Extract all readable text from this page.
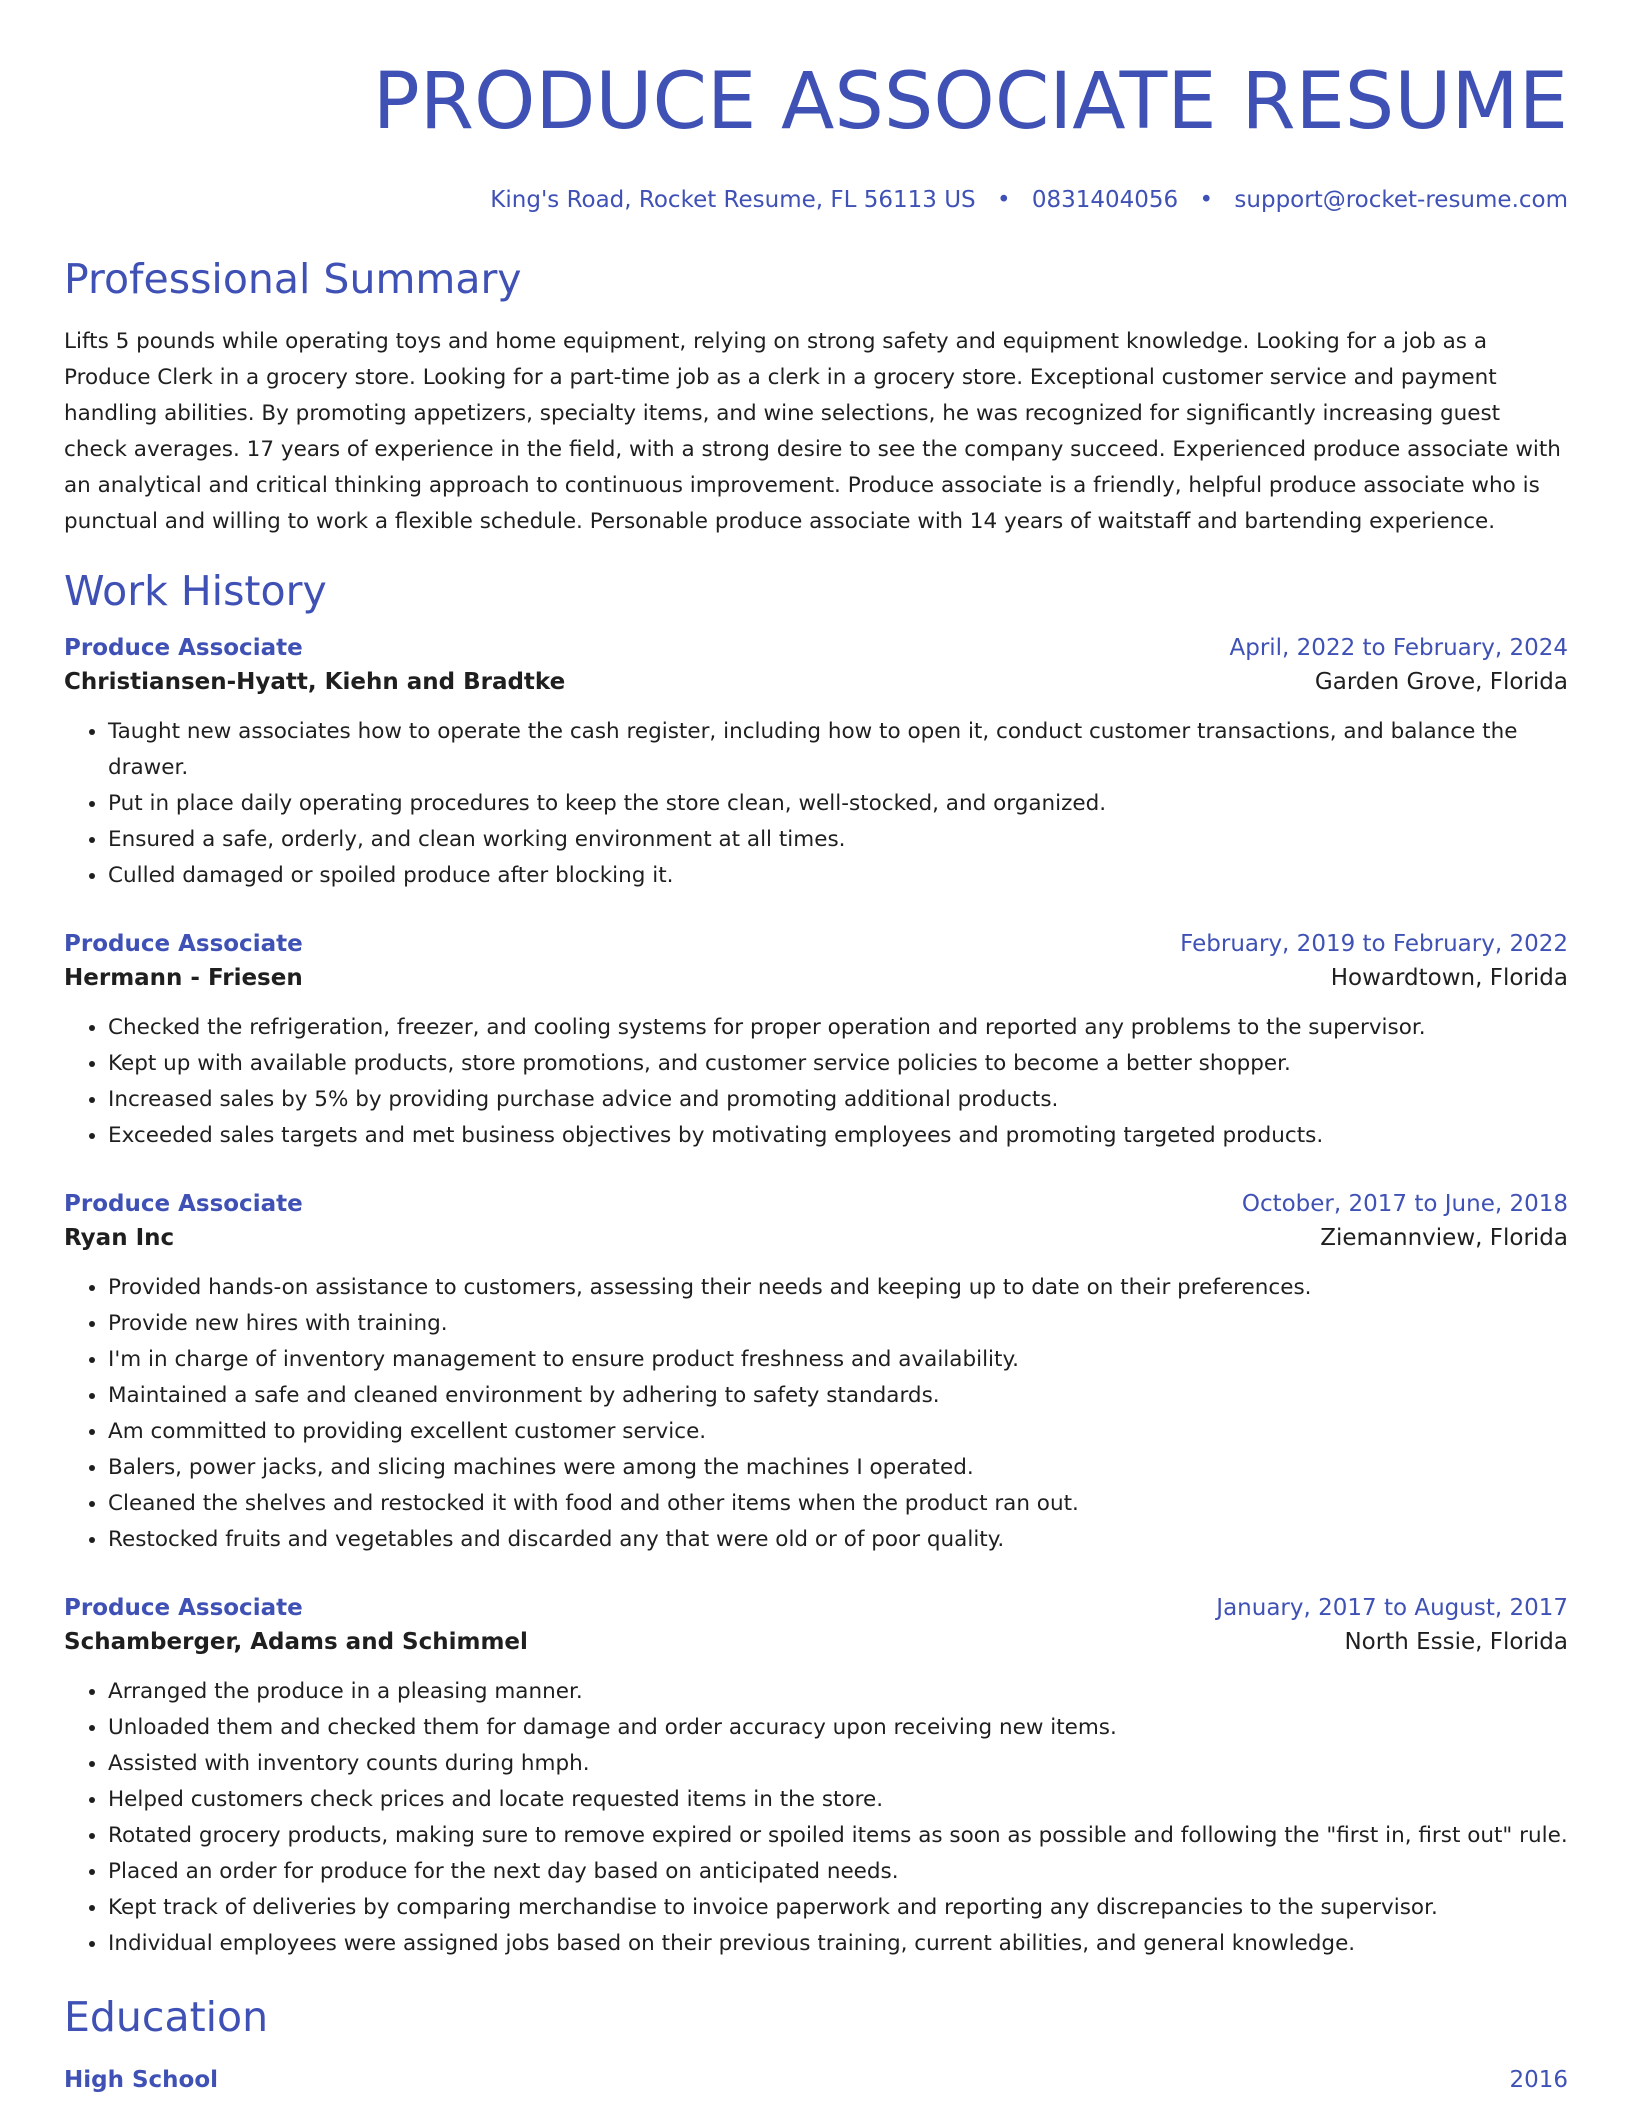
PRODUCE ASSOCIATE RESUME
King's Road, Rocket Resume, FL 56113 US • 0831404056 • support@rocket-resume.com
Professional Summary

Lifts 5 pounds while operating toys and home equipment, relying on strong safety and equipment knowledge. Looking for a job as a Produce Clerk in a grocery store. Looking for a part-time job as a clerk in a grocery store. Exceptional customer service and payment handling abilities. By promoting appetizers, specialty items, and wine selections, he was recognized for significantly increasing guest check averages. 17 years of experience in the field, with a strong desire to see the company succeed. Experienced produce associate with an analytical and critical thinking approach to continuous improvement. Produce associate is a friendly, helpful produce associate who is punctual and willing to work a flexible schedule. Personable produce associate with 14 years of waitstaff and bartending experience.

Work History
Produce Associate	April, 2022 to February, 2024
Christiansen-Hyatt, Kiehn and Bradtke	Garden Grove, Florida
• Taught new associates how to operate the cash register, including how to open it, conduct customer transactions, and balance the drawer.
• Put in place daily operating procedures to keep the store clean, well-stocked, and organized.
• Ensured a safe, orderly, and clean working environment at all times.
• Culled damaged or spoiled produce after blocking it.
Produce Associate	February, 2019 to February, 2022
Hermann - Friesen	Howardtown, Florida
• Checked the refrigeration, freezer, and cooling systems for proper operation and reported any problems to the supervisor.
• Kept up with available products, store promotions, and customer service policies to become a better shopper.
• Increased sales by 5% by providing purchase advice and promoting additional products.
• Exceeded sales targets and met business objectives by motivating employees and promoting targeted products.
Produce Associate	October, 2017 to June, 2018
Ryan Inc	Ziemannview, Florida
• Provided hands-on assistance to customers, assessing their needs and keeping up to date on their preferences.
• Provide new hires with training.
• I'm in charge of inventory management to ensure product freshness and availability.
• Maintained a safe and cleaned environment by adhering to safety standards.
• Am committed to providing excellent customer service.
• Balers, power jacks, and slicing machines were among the machines I operated.
• Cleaned the shelves and restocked it with food and other items when the product ran out.
• Restocked fruits and vegetables and discarded any that were old or of poor quality.
Produce Associate	January, 2017 to August, 2017
Schamberger, Adams and Schimmel	North Essie, Florida
• Arranged the produce in a pleasing manner.
• Unloaded them and checked them for damage and order accuracy upon receiving new items.
• Assisted with inventory counts during hmph.
• Helped customers check prices and locate requested items in the store.
• Rotated grocery products, making sure to remove expired or spoiled items as soon as possible and following the "first in, first out" rule.
• Placed an order for produce for the next day based on anticipated needs.
• Kept track of deliveries by comparing merchandise to invoice paperwork and reporting any discrepancies to the supervisor.
• Individual employees were assigned jobs based on their previous training, current abilities, and general knowledge.
Education
High School	2016
